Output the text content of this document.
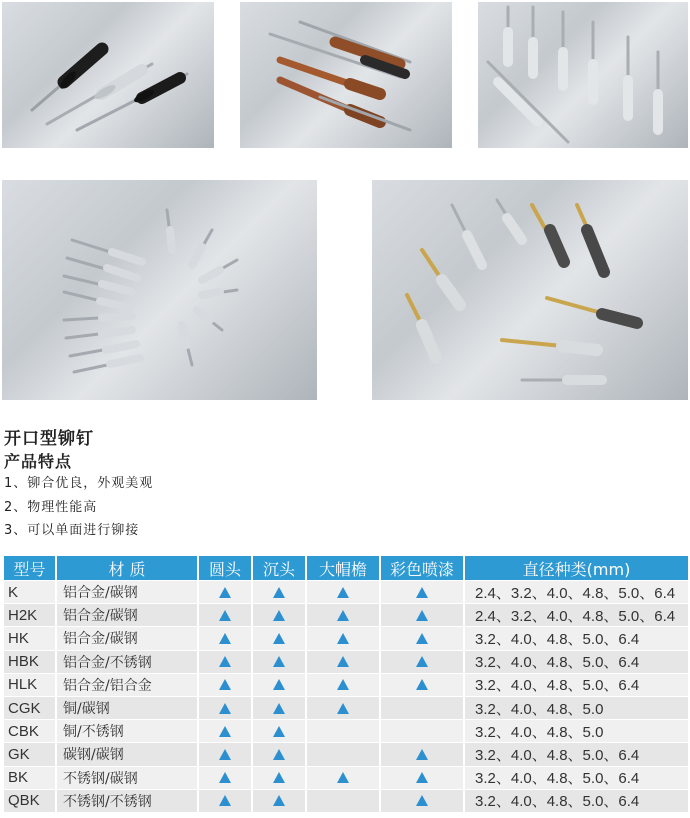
开口型铆钉
产品特点
1、铆合优良，外观美观
2、物理性能高
3、可以单面进行铆接
型号	材 质	圆头	沉头	大帽檐	彩色喷漆	直径种类(mm)
K	铝合金/碳钢					2.4、3.2、4.0、4.8、5.0、6.4
H2K	铝合金/碳钢					2.4、3.2、4.0、4.8、5.0、6.4
HK	铝合金/碳钢					3.2、4.0、4.8、5.0、6.4
HBK	铝合金/不锈钢					3.2、4.0、4.8、5.0、6.4
HLK	铝合金/铝合金					3.2、4.0、4.8、5.0、6.4
CGK	铜/碳钢					3.2、4.0、4.8、5.0
CBK	铜/不锈钢					3.2、4.0、4.8、5.0
GK	碳钢/碳钢					3.2、4.0、4.8、5.0、6.4
BK	不锈钢/碳钢					3.2、4.0、4.8、5.0、6.4
QBK	不锈钢/不锈钢					3.2、4.0、4.8、5.0、6.4
